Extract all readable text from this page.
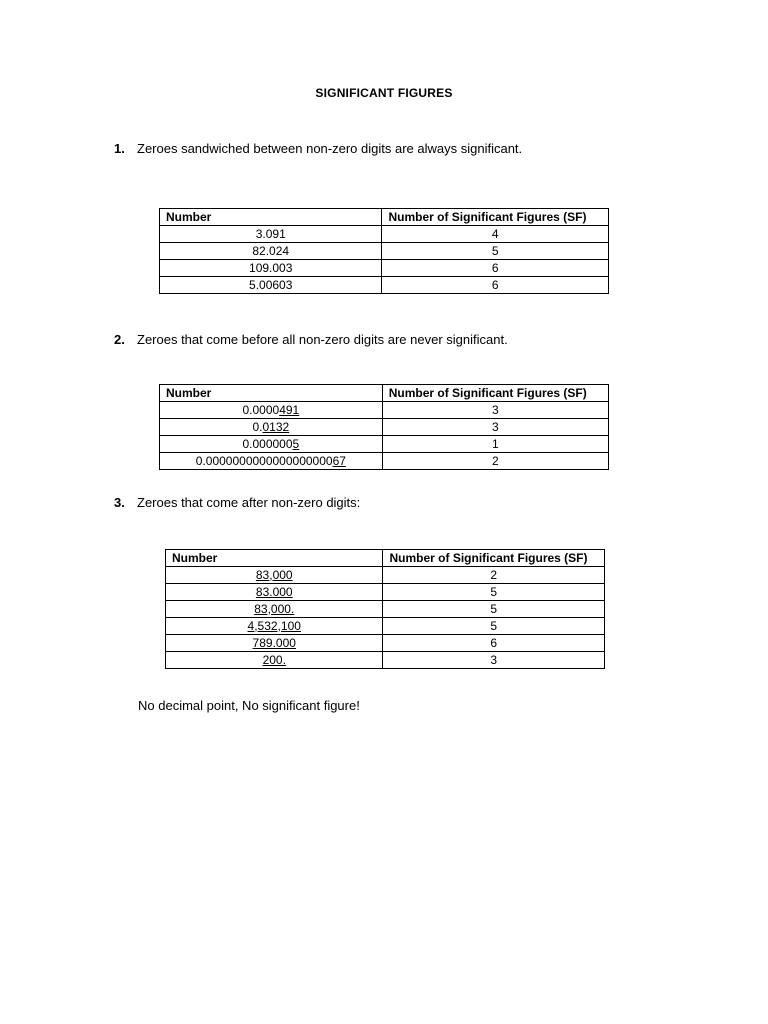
SIGNIFICANT FIGURES
1. Zeroes sandwiched between non-zero digits are always significant.
Number	Number of Significant Figures (SF)
3.091	4
82.024	5
109.003	6
5.00603	6
2. Zeroes that come before all non-zero digits are never significant.
Number	Number of Significant Figures (SF)
0.0000491	3
0.0132	3
0.0000005	1
0.000000000000000000067	2
3. Zeroes that come after non-zero digits:
Number	Number of Significant Figures (SF)
83,000	2
83.000	5
83,000.	5
4,532,100	5
789.000	6
200.	3
No decimal point, No significant figure!
